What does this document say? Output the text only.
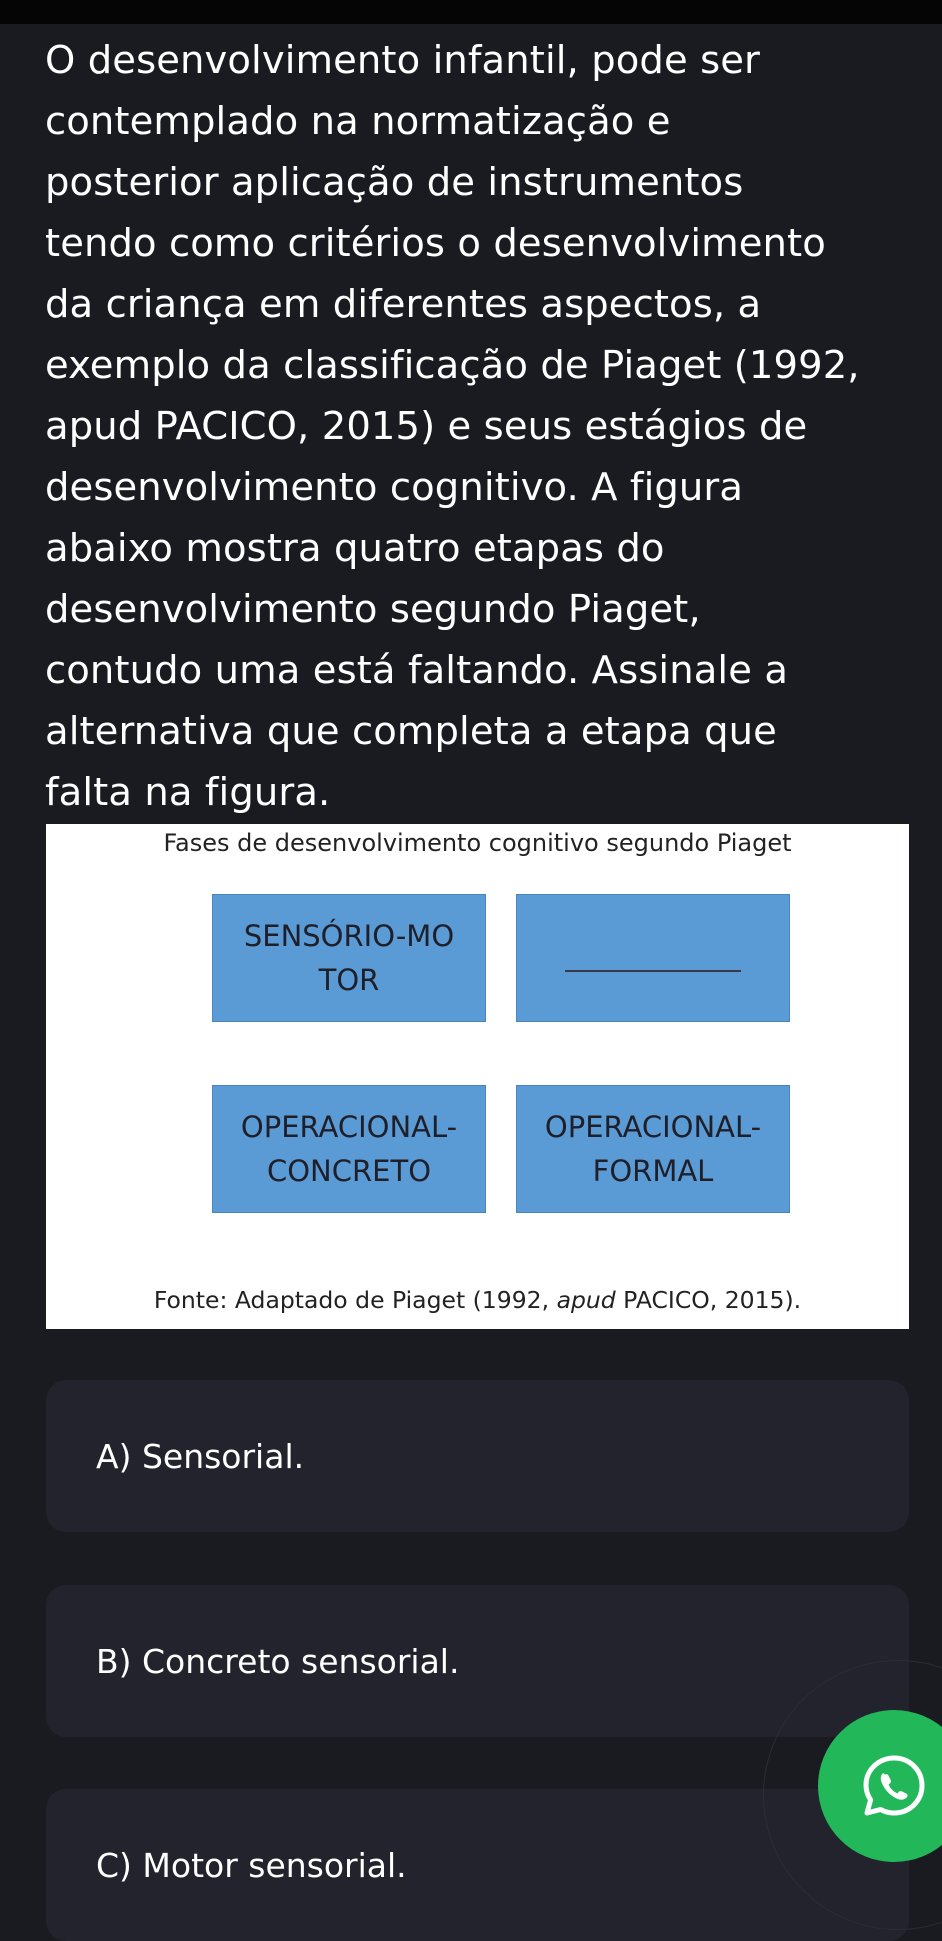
O desenvolvimento infantil, pode ser
contemplado na normatização e
posterior aplicação de instrumentos
tendo como critérios o desenvolvimento
da criança em diferentes aspectos, a
exemplo da classificação de Piaget (1992,
apud PACICO, 2015) e seus estágios de
desenvolvimento cognitivo. A figura
abaixo mostra quatro etapas do
desenvolvimento segundo Piaget,
contudo uma está faltando. Assinale a
alternativa que completa a etapa que
falta na figura.
Fases de desenvolvimento cognitivo segundo Piaget
SENSÓRIO-MO
TOR
OPERACIONAL-
CONCRETO
OPERACIONAL-
FORMAL
Fonte: Adaptado de Piaget (1992, apud PACICO, 2015).
A) Sensorial.
B) Concreto sensorial.
C) Motor sensorial.
